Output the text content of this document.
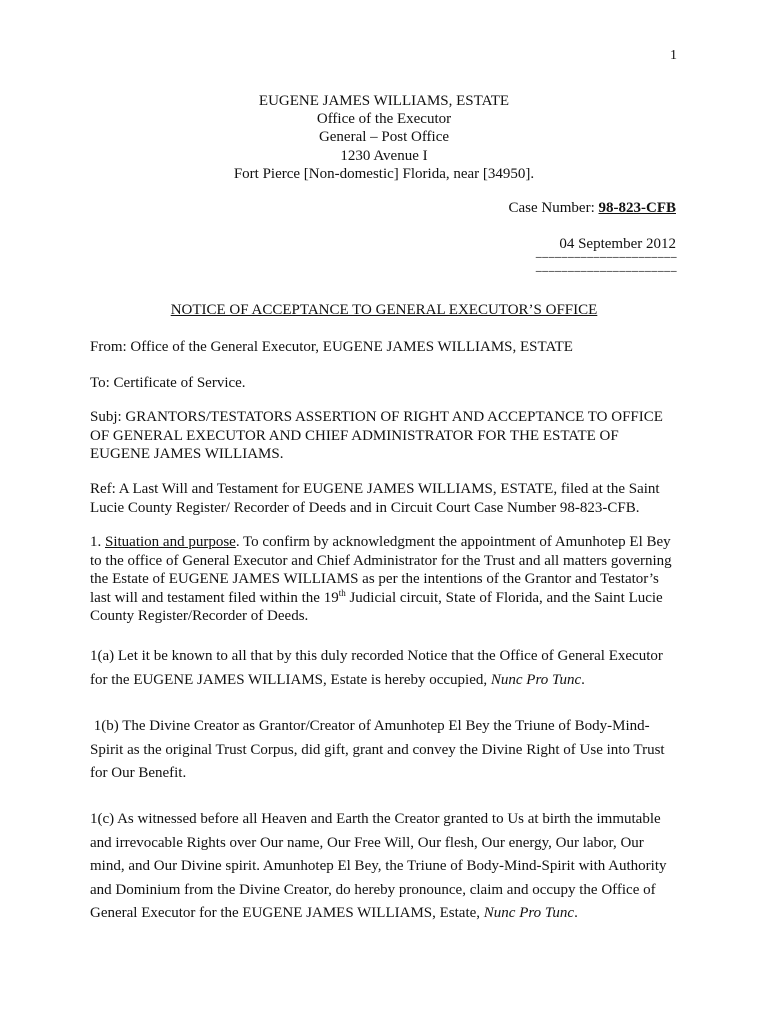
1
EUGENE JAMES WILLIAMS, ESTATE
Office of the Executor
General – Post Office
1230 Avenue I
Fort Pierce [Non-domestic] Florida, near [34950].
Case Number: 98-823-CFB
04 September 2012
––––––––––––––––––––––
––––––––––––––––––––––
NOTICE OF ACCEPTANCE TO GENERAL EXECUTOR’S OFFICE
From: Office of the General Executor, EUGENE JAMES WILLIAMS, ESTATE
To: Certificate of Service.
Subj: GRANTORS/TESTATORS ASSERTION OF RIGHT AND ACCEPTANCE TO OFFICE
OF GENERAL EXECUTOR AND CHIEF ADMINISTRATOR FOR THE ESTATE OF
EUGENE JAMES WILLIAMS.
Ref: A Last Will and Testament for EUGENE JAMES WILLIAMS, ESTATE, filed at the Saint
Lucie County Register/ Recorder of Deeds and in Circuit Court Case Number 98-823-CFB.
1. Situation and purpose. To confirm by acknowledgment the appointment of Amunhotep El Bey
to the office of General Executor and Chief Administrator for the Trust and all matters governing
the Estate of EUGENE JAMES WILLIAMS as per the intentions of the Grantor and Testator’s
last will and testament filed within the 19th Judicial circuit, State of Florida, and the Saint Lucie
County Register/Recorder of Deeds.
1(a) Let it be known to all that by this duly recorded Notice that the Office of General Executor
for the EUGENE JAMES WILLIAMS, Estate is hereby occupied, Nunc Pro Tunc.
1(b) The Divine Creator as Grantor/Creator of Amunhotep El Bey the Triune of Body-Mind-
Spirit as the original Trust Corpus, did gift, grant and convey the Divine Right of Use into Trust
for Our Benefit.
1(c) As witnessed before all Heaven and Earth the Creator granted to Us at birth the immutable
and irrevocable Rights over Our name, Our Free Will, Our flesh, Our energy, Our labor, Our
mind, and Our Divine spirit. Amunhotep El Bey, the Triune of Body-Mind-Spirit with Authority
and Dominium from the Divine Creator, do hereby pronounce, claim and occupy the Office of
General Executor for the EUGENE JAMES WILLIAMS, Estate, Nunc Pro Tunc.
